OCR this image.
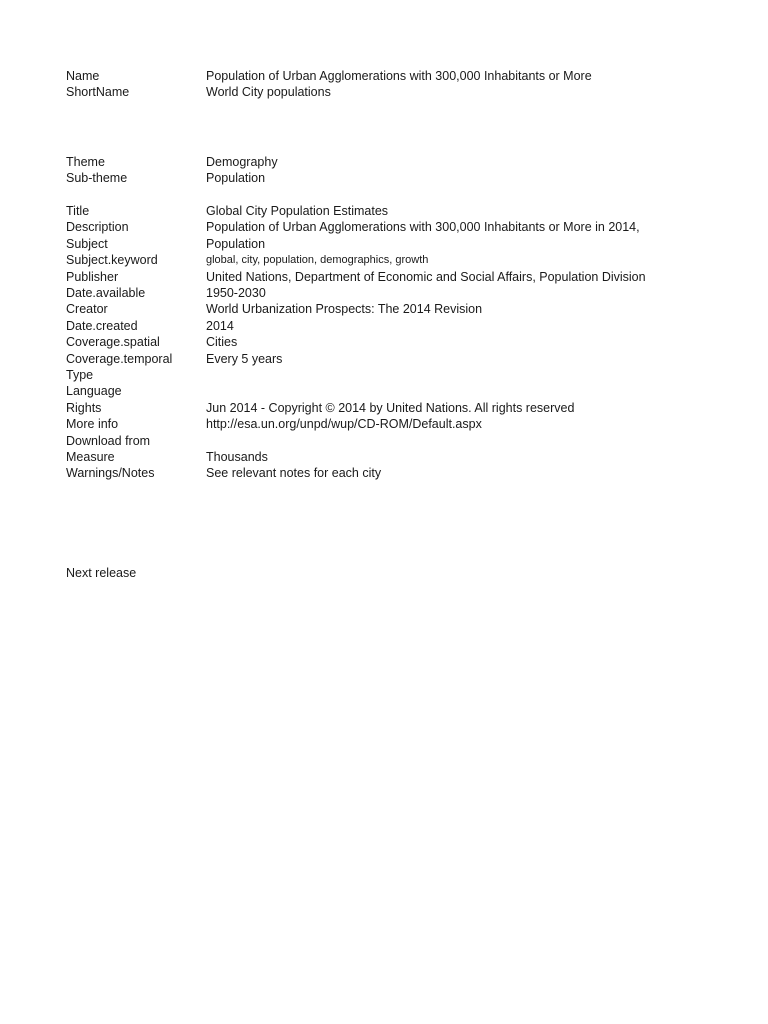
Name	Population of Urban Agglomerations with 300,000 Inhabitants or More
ShortName	World City populations
Theme	Demography
Sub-theme	Population
Title	Global City Population Estimates
Description	Population of Urban Agglomerations with 300,000 Inhabitants or More in 2014,
Subject	Population
Subject.keyword	global, city, population, demographics, growth
Publisher	United Nations, Department of Economic and Social Affairs, Population Division
Date.available	1950-2030
Creator	World Urbanization Prospects: The 2014 Revision
Date.created	2014
Coverage.spatial	Cities
Coverage.temporal	Every 5 years
Type
Language
Rights	Jun 2014 - Copyright © 2014 by United Nations. All rights reserved
More info	http://esa.un.org/unpd/wup/CD-ROM/Default.aspx
Download from
Measure	Thousands
Warnings/Notes	See relevant notes for each city
Next release
